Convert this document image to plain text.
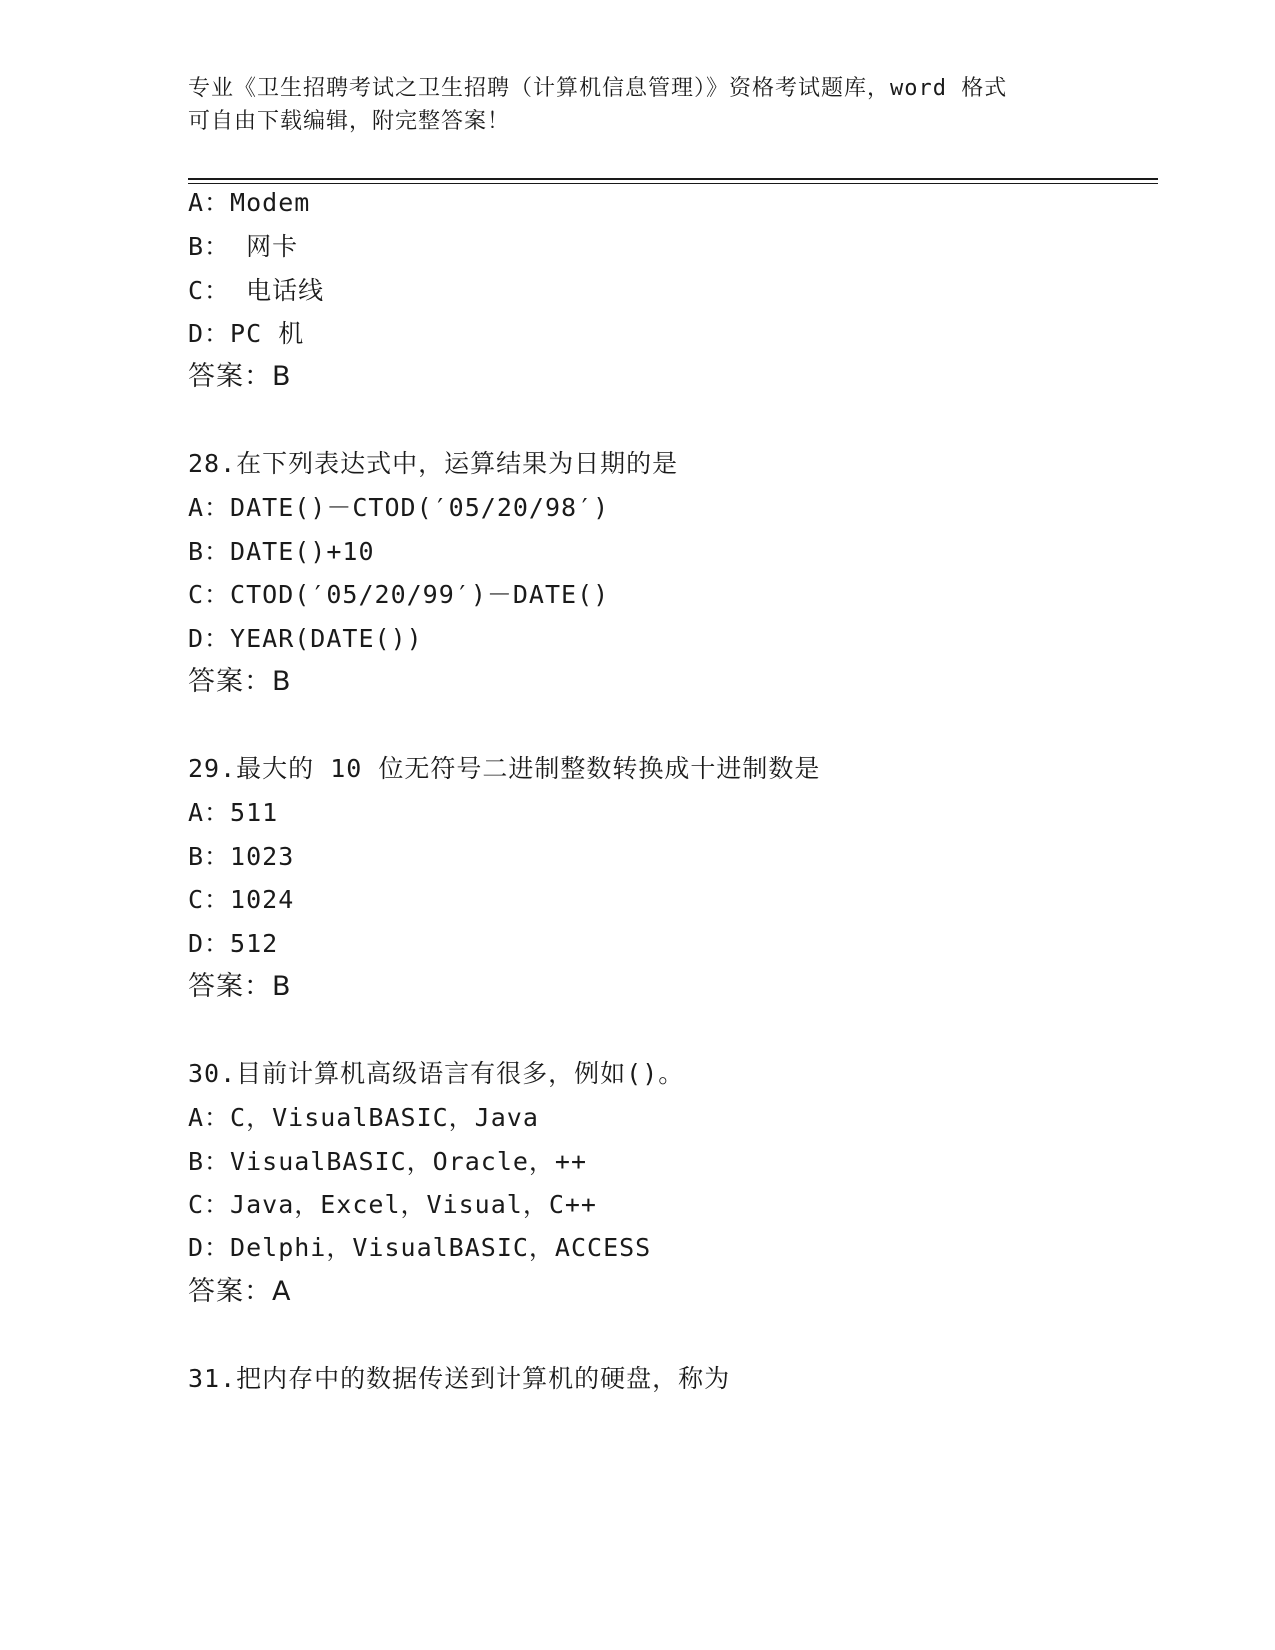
专业《卫生招聘考试之卫生招聘（计算机信息管理）》资格考试题库，word 格式
可自由下载编辑，附完整答案！
A：Modem
B： 网卡
C： 电话线
D：PC 机
答案：B
28.在下列表达式中，运算结果为日期的是
A：DATE()－CTOD(′05/20/98′)
B：DATE()+10
C：CTOD(′05/20/99′)－DATE()
D：YEAR(DATE())
答案：B
29.最大的 10 位无符号二进制整数转换成十进制数是
A：511
B：1023
C：1024
D：512
答案：B
30.目前计算机高级语言有很多，例如()。
A：C，VisualBASIC，Java
B：VisualBASIC，Oracle，++
C：Java，Excel，Visual，C++
D：Delphi，VisualBASIC，ACCESS
答案：A
31.把内存中的数据传送到计算机的硬盘，称为
